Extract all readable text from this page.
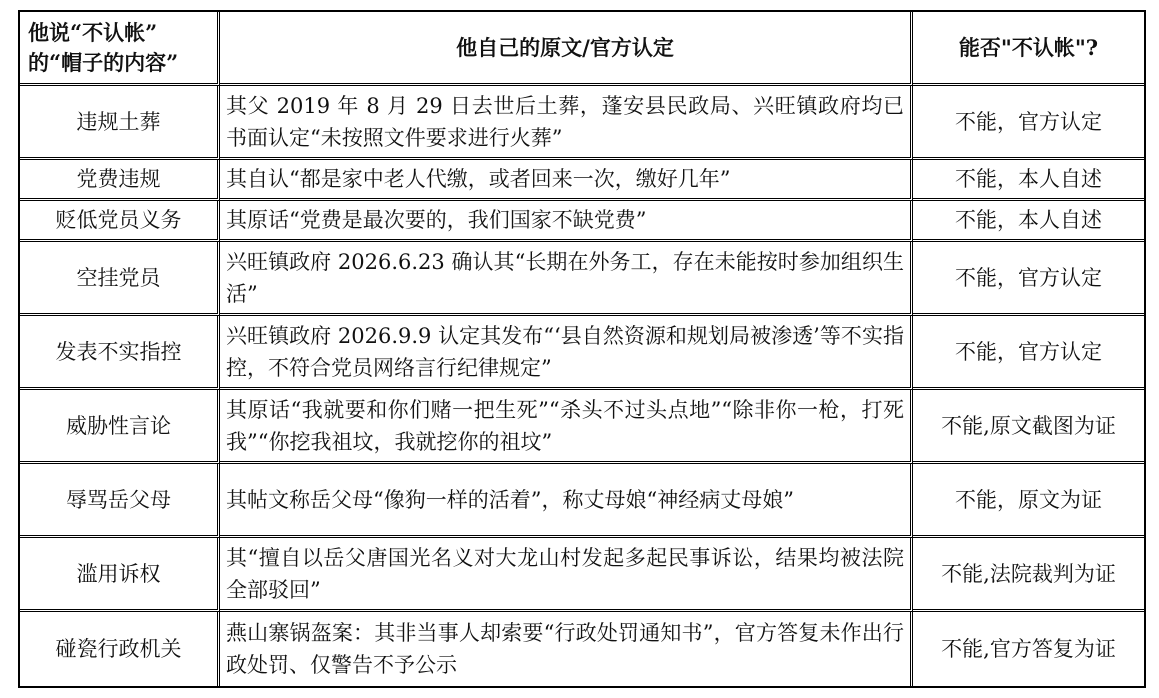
他说“不认帐”
的“帽子的内容”	他自己的原文/官方认定	能否"不认帐"?
违规土葬	其父 2019 年 8 月 29 日去世后土葬，蓬安县民政局、兴旺镇政府均已书面认定“未按照文件要求进行火葬”	不能，官方认定
党费违规	其自认“都是家中老人代缴，或者回来一次，缴好几年”	不能，本人自述
贬低党员义务	其原话“党费是最次要的，我们国家不缺党费”	不能，本人自述
空挂党员	兴旺镇政府 2026.6.23 确认其“长期在外务工，存在未能按时参加组织生活”	不能，官方认定
发表不实指控	兴旺镇政府 2026.9.9 认定其发布“‘县自然资源和规划局被渗透’等不实指控，不符合党员网络言行纪律规定”	不能，官方认定
威胁性言论	其原话“我就要和你们赌一把生死”“杀头不过头点地”“除非你一枪，打死我”“你挖我祖坟，我就挖你的祖坟”	不能,原文截图为证
辱骂岳父母	其帖文称岳父母“像狗一样的活着”，称丈母娘“神经病丈母娘”	不能，原文为证
滥用诉权	其“擅自以岳父唐国光名义对大龙山村发起多起民事诉讼，结果均被法院全部驳回”	不能,法院裁判为证
碰瓷行政机关	燕山寨锅盔案：其非当事人却索要“行政处罚通知书”，官方答复未作出行政处罚、仅警告不予公示	不能,官方答复为证
